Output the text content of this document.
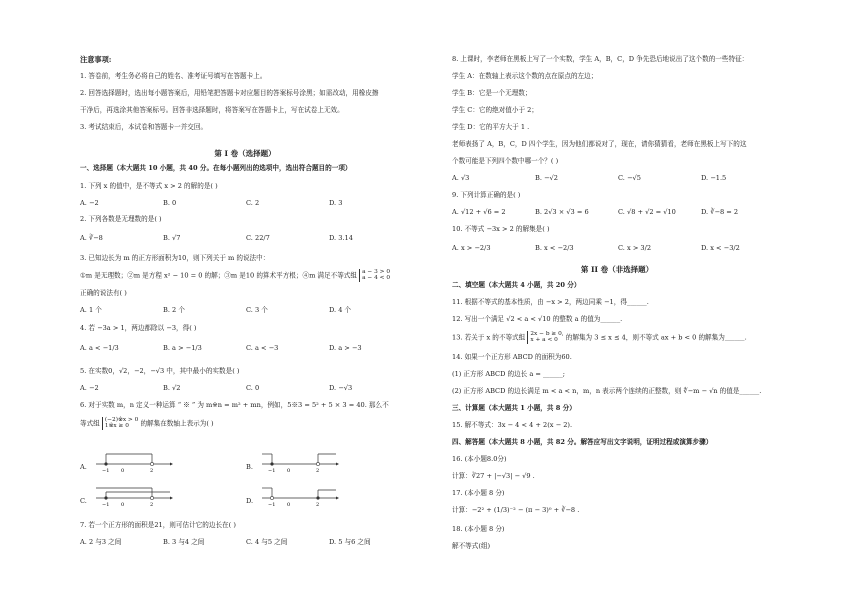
注意事项:
1. 答卷前，考生务必将自己的姓名、准考证号填写在答题卡上。
2. 回答选择题时，选出每小题答案后，用铅笔把答题卡对应题目的答案标号涂黑；如需改动，用橡皮擦
干净后，再选涂其他答案标号。回答非选择题时，将答案写在答题卡上，写在试卷上无效。
3. 考试结束后，本试卷和答题卡一并交回。
第 I 卷（选择题）
一、选择题（本大题共 10 小题，共 40 分。在每小题列出的选项中，选出符合题目的一项）
1. 下列 x 的值中，是不等式 x > 2 的解的是( )
A. −2	B. 0	C. 2	D. 3
2. 下列各数是无理数的是( )
A. ∛−8	B. √7	C. 22/7	D. 3.14
3. 已知边长为 m 的正方形面积为10，则下列关于 m 的说法中：
①m 是无理数；②m 是方程 x² − 10 = 0 的解；③m 是10 的算术平方根；④m 满足不等式组 a − 3 > 0
a − 4 < 0
正确的说法有( )
A. 1 个	B. 2 个	C. 3 个	D. 4 个
4. 若 −3a > 1，两边都除以 −3，得( )
A. a < −1/3	B. a > −1/3	C. a < −3	D. a > −3
5. 在实数0，√2，−2，−√3 中，其中最小的实数是( )
A. −2	B. √2	C. 0	D. −√3
6. 对于实数 m，n 定义一种运算 “ ※ ” 为 m※n = m² + mn，例如，5※3 = 5² + 5 × 3 = 40. 那么不
等式组 (−2)※x > 0
1※x ≥ 0 的解集在数轴上表示为( )
A.	−1 0	2	B.	−1 0	2
C.	−1 0	2	D.	−1 0	2
7. 若一个正方形的面积是21，则可估计它的边长在( )
A. 2 与3 之间	B. 3 与4 之间	C. 4 与5 之间	D. 5 与6 之间
8. 上课时，李老师在黑板上写了一个实数，学生 A，B，C，D 争先恐后地说出了这个数的一些特征：
学生 A：在数轴上表示这个数的点在原点的左边；
学生 B：它是一个无理数；
学生 C：它的绝对值小于 2；
学生 D：它的平方大于 1 .
老师表扬了 A，B，C，D 四个学生，因为他们都说对了，现在，请你猜猜看，老师在黑板上写下的这
个数可能是下列四个数中哪一个？( )
A. √3	B. −√2	C. −√5	D. −1.5
9. 下列计算正确的是( )
A. √12 + √6 = 2	B. 2√3 × √3 = 6	C. √8 + √2 = √10	D. ∛−8 = 2
10. 不等式 −3x > 2 的解集是( )
A. x > −2/3	B. x < −2/3	C. x > 3/2	D. x < −3/2
第 II 卷（非选择题）
二、填空题（本大题共 4 小题，共 20 分）
11. 根据不等式的基本性质，由 −x > 2，两边同乘 −1，得______.
12. 写出一个满足 √2 < a < √10 的整数 a 的值为______.
13. 若关于 x 的不等式组 2x − b ≥ 0,
x + a < 0 的解集为 3 ≤ x ≤ 4，则不等式 ax + b < 0 的解集为______.
14. 如果一个正方形 ABCD 的面积为60.
(1) 正方形 ABCD 的边长 a = ______;
(2) 正方形 ABCD 的边长满足 m < a < n，m，n 表示两个连续的正整数，则 ∜−m − √n 的值是______.
三、计算题（本大题共 1 小题，共 8 分）
15. 解不等式：3x − 4 < 4 + 2(x − 2).
四、解答题（本大题共 8 小题，共 82 分。解答应写出文字说明，证明过程或演算步骤）
16. (本小题8.0分)
计算：∛27 + |−√3| − √9 .
17. (本小题 8 分)
计算：−2² + (1/3)⁻² − (π − 3)⁰ + ∛−8 .
18. (本小题 8 分)
解不等式(组)
